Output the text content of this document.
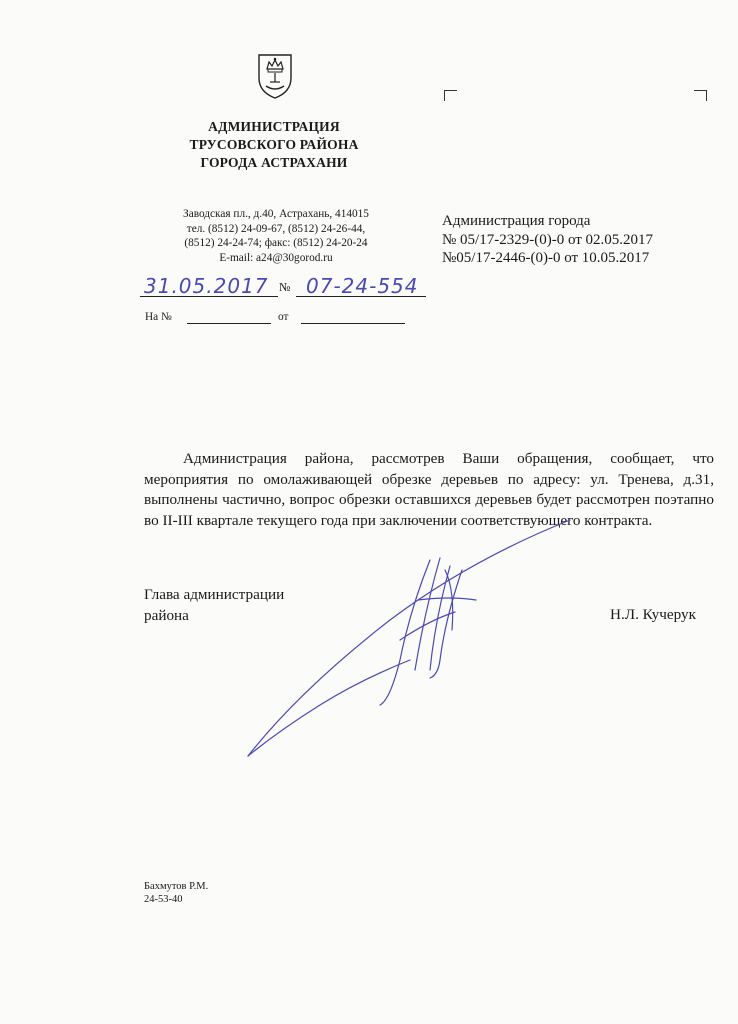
АДМИНИСТРАЦИЯ
ТРУСОВСКОГО РАЙОНА
ГОРОДА АСТРАХАНИ
Заводская пл., д.40, Астрахань, 414015
тел. (8512) 24-09-67, (8512) 24-26-44,
(8512) 24-24-74; факс: (8512) 24-20-24
E-mail: a24@30gorod.ru
Администрация города
№ 05/17-2329-(0)-0 от 02.05.2017
№05/17-2446-(0)-0 от 10.05.2017
31.05.2017 № 07-24-554
На №	от

Администрация района, рассмотрев Ваши обращения, сообщает, что мероприятия по омолаживающей обрезке деревьев по адресу: ул. Тренева, д.31, выполнены частично, вопрос обрезки оставшихся деревьев будет рассмотрен поэтапно во II-III квартале текущего года при заключении соответствующего контракта.

Глава администрации
района	Н.Л. Кучерук
Бахмутов Р.М.
24-53-40
